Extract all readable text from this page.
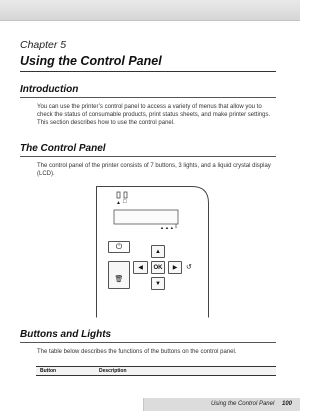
Chapter 5
Using the Control Panel
Introduction
You can use the printer’s control panel to access a variety of menus that allow you to check the status of consumable products, print status sheets, and make printer settings. This section describes how to use the control panel.
The Control Panel
The control panel of the printer consists of 7 buttons, 3 lights, and a liquid crystal display (LCD).
▲ □
▲▲▲ ⇩
⏻
🗑
▲
◀ OK ▶ ↺
▼
Buttons and Lights
The table below describes the functions of the buttons on the control panel.
Button	Description
Using the Control Panel 100
